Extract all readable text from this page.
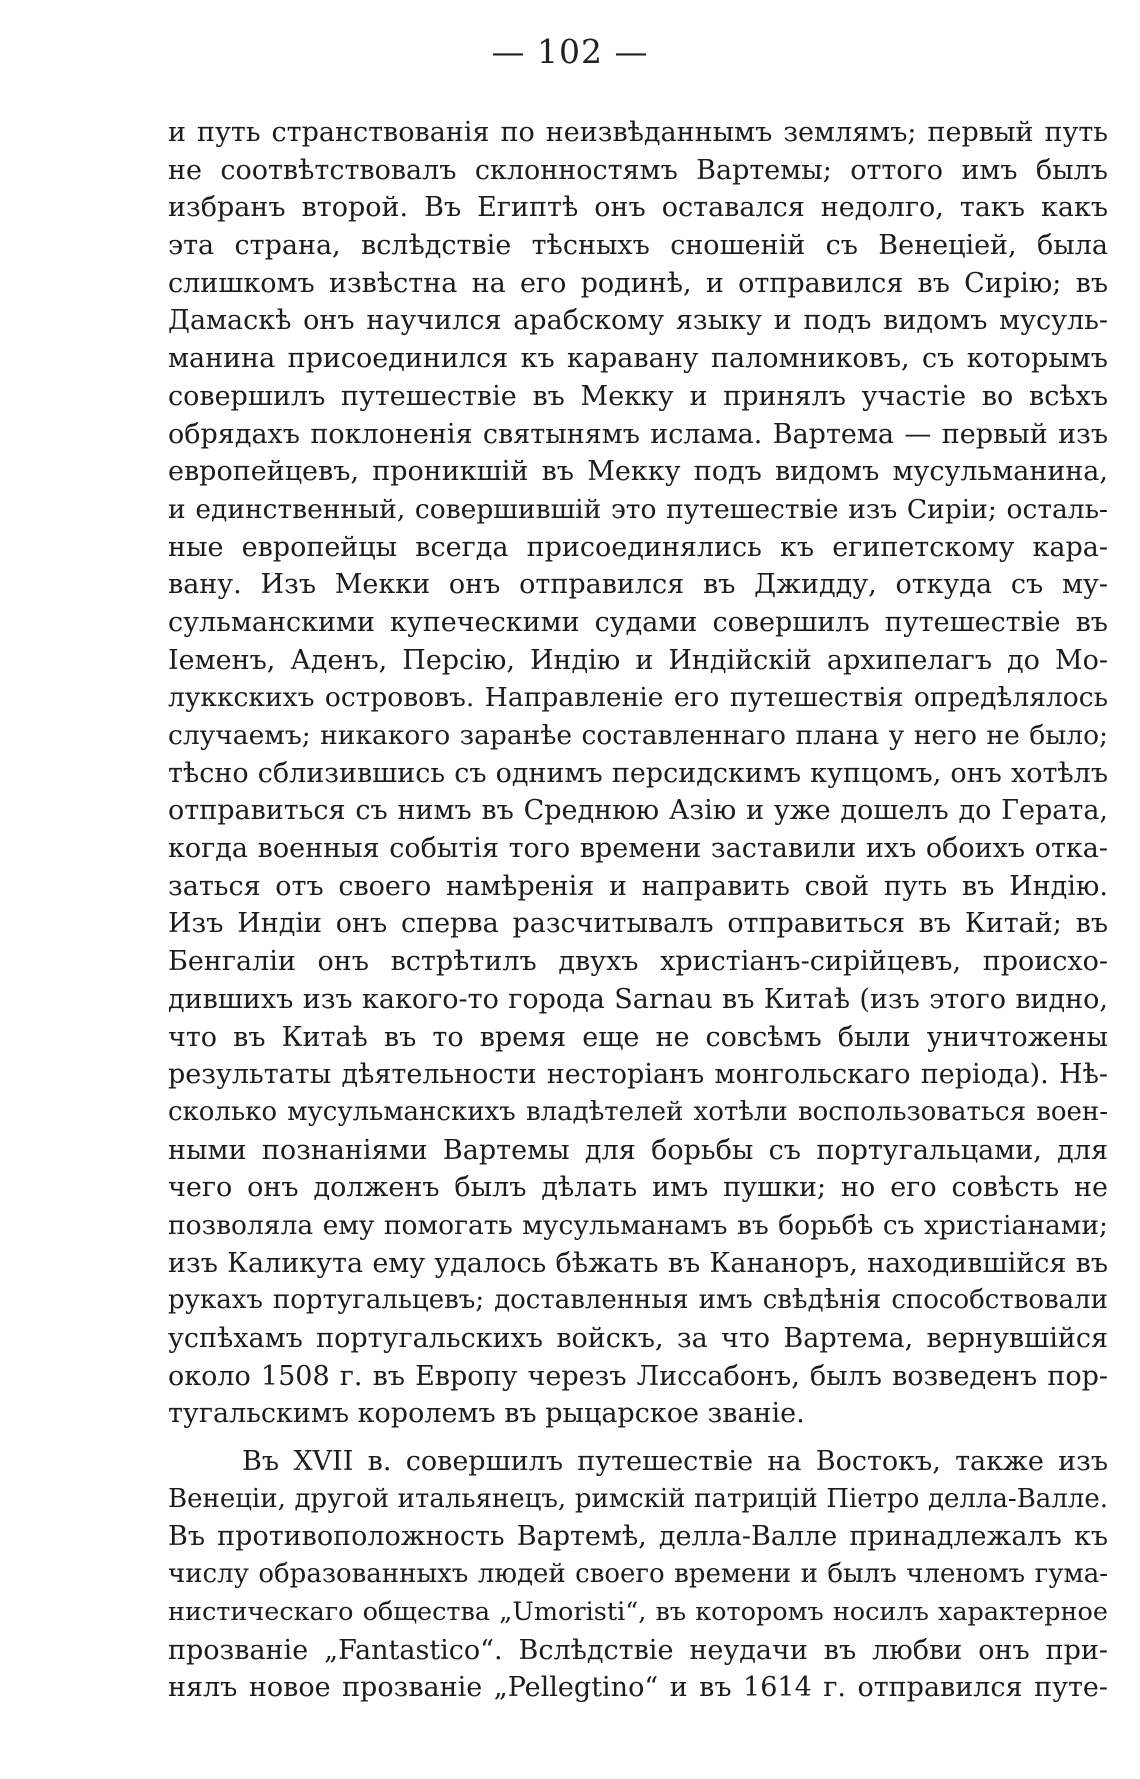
— 102 —
и путь странствованія по неизвѣданнымъ землямъ; первый путь
не соотвѣтствовалъ склонностямъ Вартемы; оттого имъ былъ
избранъ второй. Въ Египтѣ онъ оставался недолго, такъ какъ
эта страна, вслѣдствіе тѣсныхъ сношеній съ Венеціей, была
слишкомъ извѣстна на его родинѣ, и отправился въ Сирію; въ
Дамаскѣ онъ научился арабскому языку и подъ видомъ мусуль-
манина присоединился къ каравану паломниковъ, съ которымъ
совершилъ путешествіе въ Мекку и принялъ участіе во всѣхъ
обрядахъ поклоненія святынямъ ислама. Вартема — первый изъ
европейцевъ, проникшій въ Мекку подъ видомъ мусульманина,
и единственный, совершившій это путешествіе изъ Сиріи; осталь-
ные европейцы всегда присоединялись къ египетскому кара-
вану. Изъ Мекки онъ отправился въ Джидду, откуда съ му-
сульманскими купеческими судами совершилъ путешествіе въ
Іеменъ, Аденъ, Персію, Индію и Индійскій архипелагъ до Мо-
луккскихъ острововъ. Направленіе его путешествія опредѣлялось
случаемъ; никакого заранѣе составленнаго плана у него не было;
тѣсно сблизившись съ однимъ персидскимъ купцомъ, онъ хотѣлъ
отправиться съ нимъ въ Среднюю Азію и уже дошелъ до Герата,
когда военныя событія того времени заставили ихъ обоихъ отка-
заться отъ своего намѣренія и направить свой путь въ Индію.
Изъ Индіи онъ сперва разсчитывалъ отправиться въ Китай; въ
Бенгаліи онъ встрѣтилъ двухъ христіанъ-сирійцевъ, происхо-
дившихъ изъ какого-то города Sarnau въ Китаѣ (изъ этого видно,
что въ Китаѣ въ то время еще не совсѣмъ были уничтожены
результаты дѣятельности несторіанъ монгольскаго періода). Нѣ-
сколько мусульманскихъ владѣтелей хотѣли воспользоваться воен-
ными познаніями Вартемы для борьбы съ португальцами, для
чего онъ долженъ былъ дѣлать имъ пушки; но его совѣсть не
позволяла ему помогать мусульманамъ въ борьбѣ съ христіанами;
изъ Каликута ему удалось бѣжать въ Кананоръ, находившійся въ
рукахъ португальцевъ; доставленныя имъ свѣдѣнія способствовали
успѣхамъ португальскихъ войскъ, за что Вартема, вернувшійся
около 1508 г. въ Европу черезъ Лиссабонъ, былъ возведенъ пор-
тугальскимъ королемъ въ рыцарское званіе.
Въ XVII в. совершилъ путешествіе на Востокъ, также изъ
Венеціи, другой итальянецъ, римскій патрицій Піетро делла-Валле.
Въ противоположность Вартемѣ, делла-Валле принадлежалъ къ
числу образованныхъ людей своего времени и былъ членомъ гума-
нистическаго общества „Umoristi“, въ которомъ носилъ характерное
прозваніе „Fantastico“. Вслѣдствіе неудачи въ любви онъ при-
нялъ новое прозваніе „Pellegtino“ и въ 1614 г. отправился путе-
